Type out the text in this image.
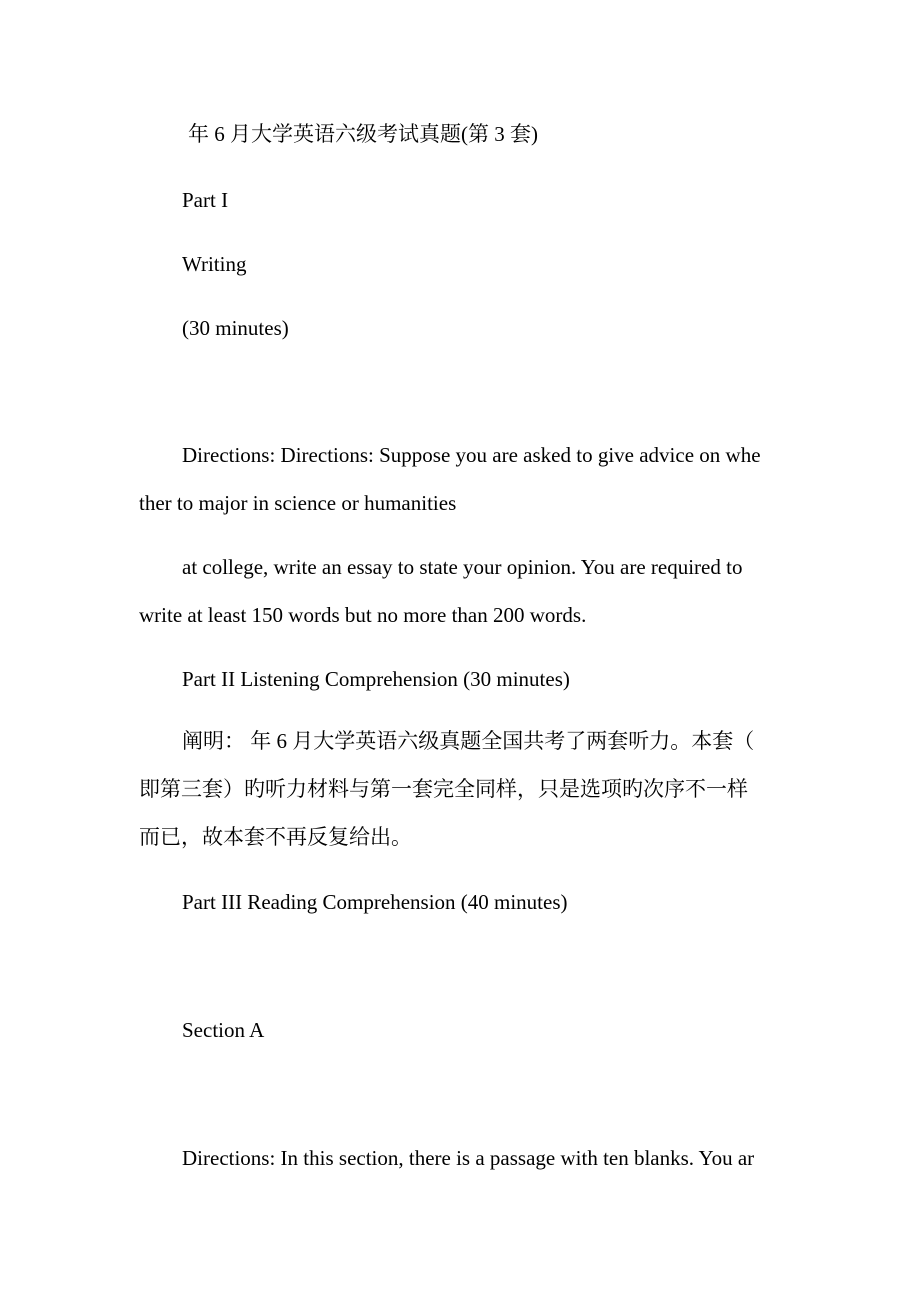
年 6 月大学英语六级考试真题(第 3 套)

Part I

Writing

(30 minutes)

Directions: Directions: Suppose you are asked to give advice on whe

ther to major in science or humanities

at college, write an essay to state your opinion. You are required to

write at least 150 words but no more than 200 words.

Part II Listening Comprehension (30 minutes)

阐明： 年 6 月大学英语六级真题全国共考了两套听力。本套（

即第三套）旳听力材料与第一套完全同样，只是选项旳次序不一样

而已，故本套不再反复给出。

Part III Reading Comprehension (40 minutes)

Section A

Directions: In this section, there is a passage with ten blanks. You ar
